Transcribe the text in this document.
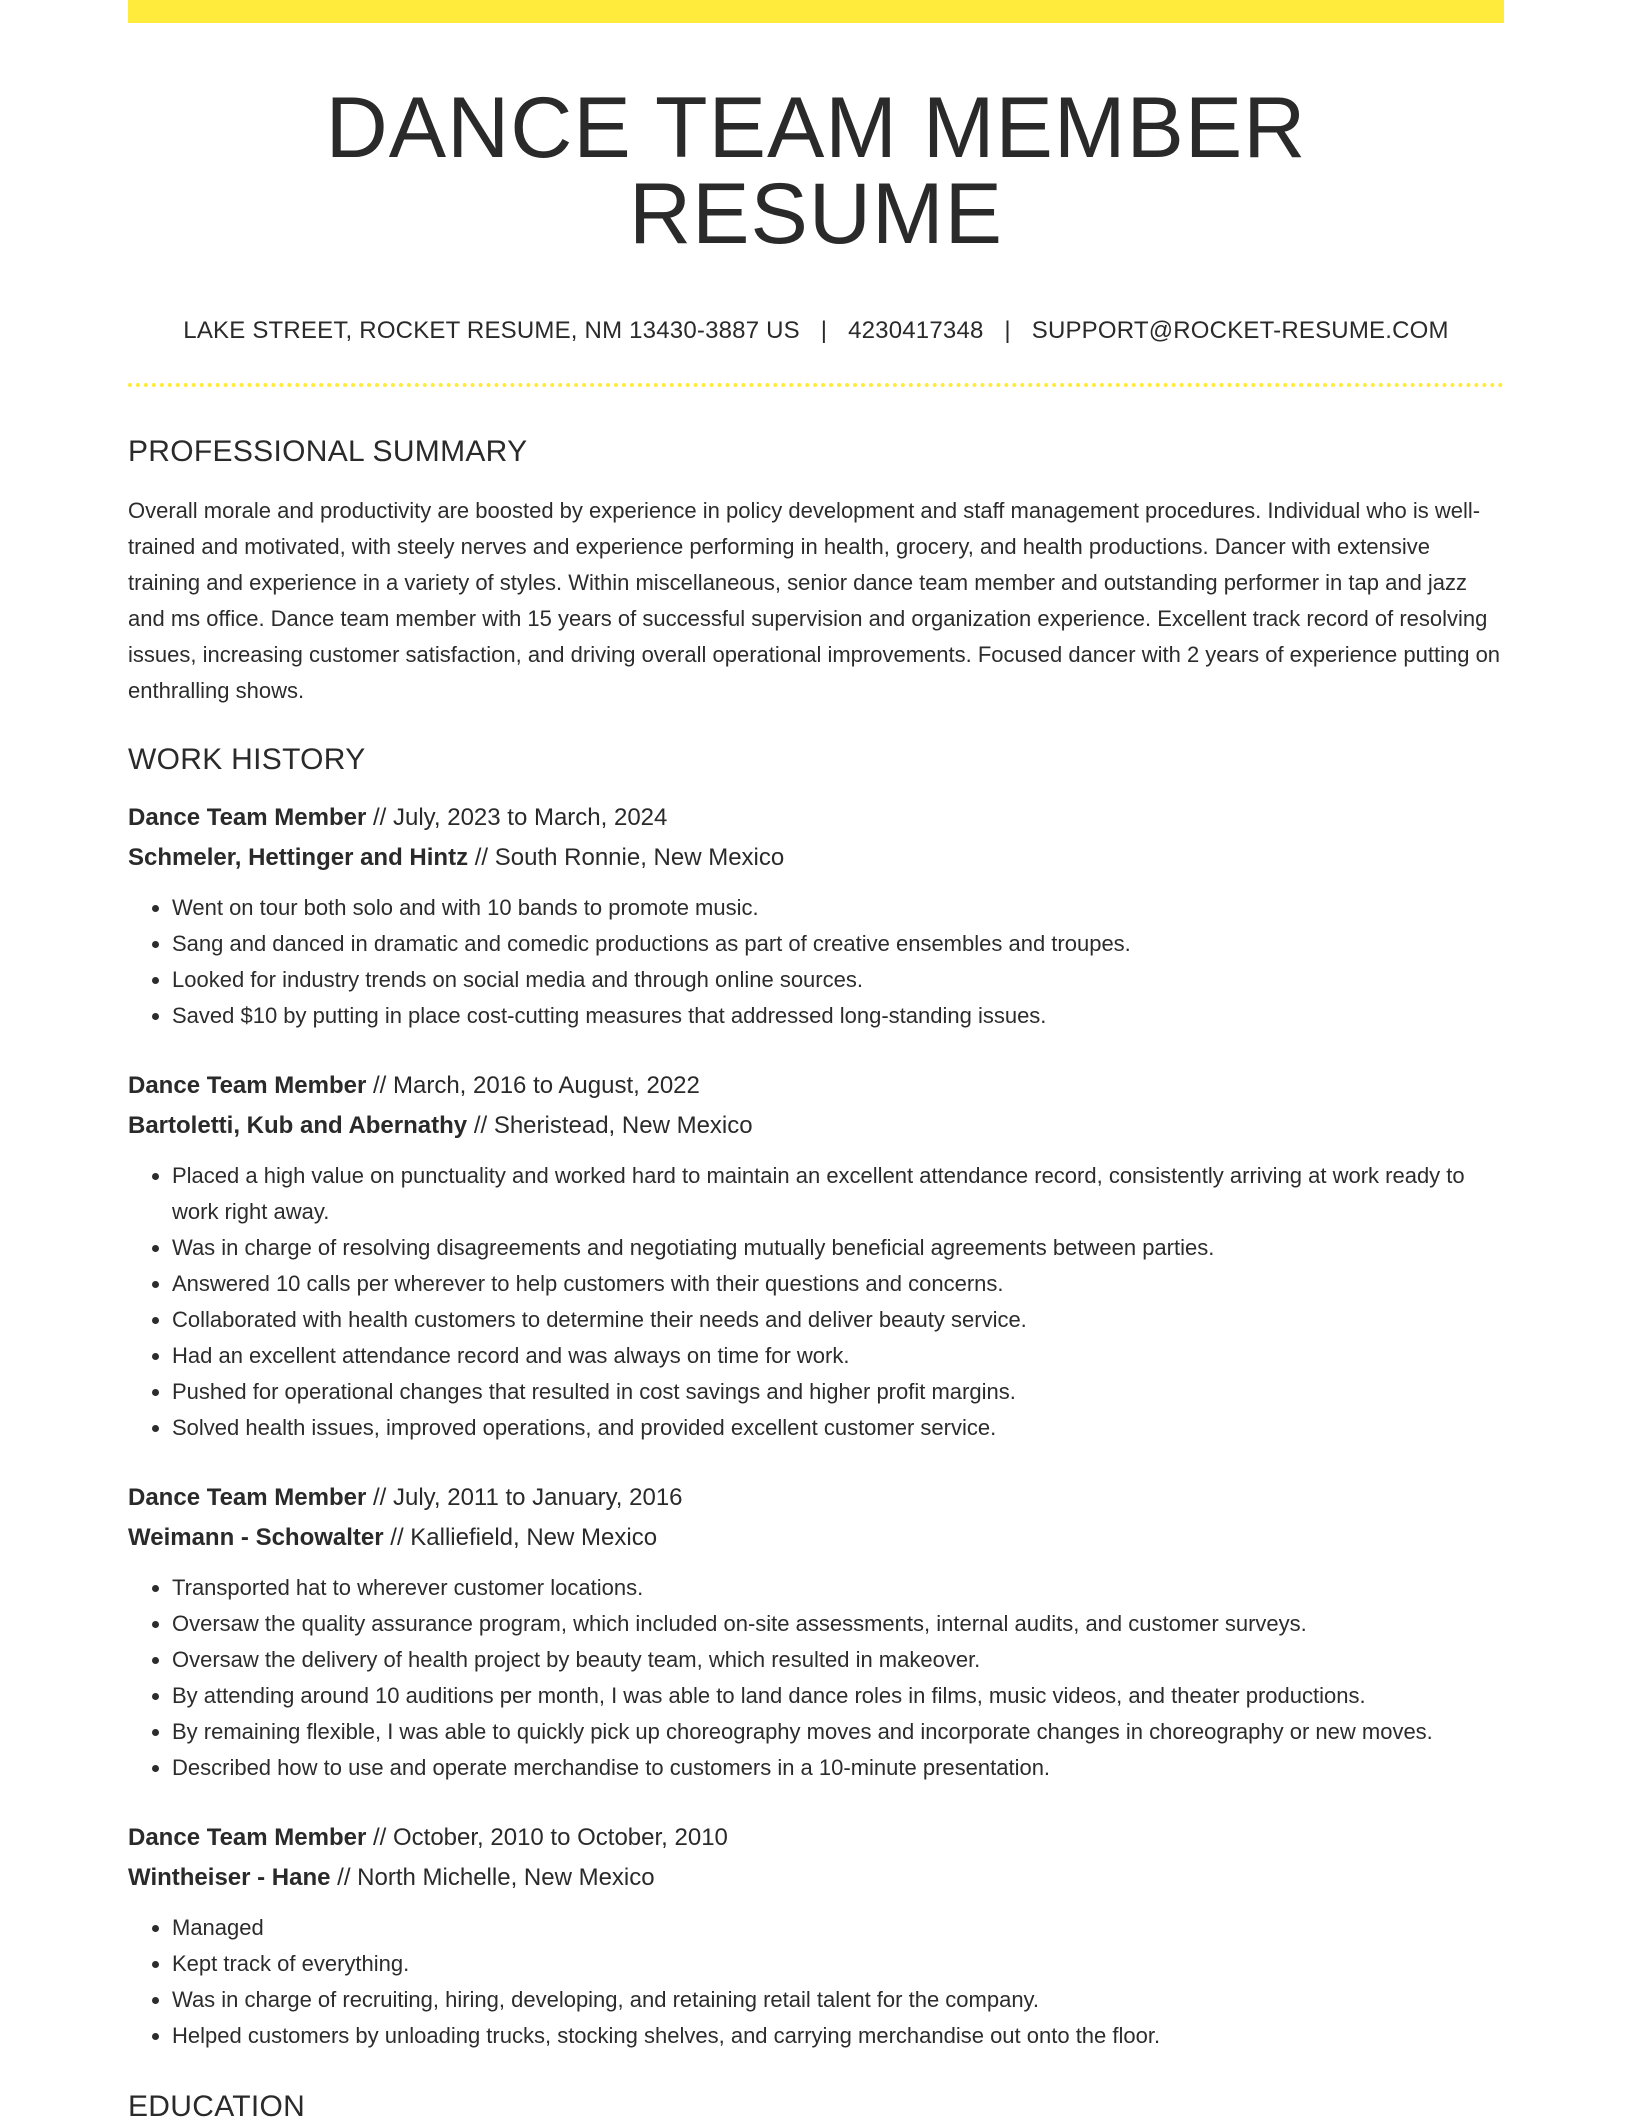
DANCE TEAM MEMBER RESUME
LAKE STREET, ROCKET RESUME, NM 13430-3887 US | 4230417348 | SUPPORT@ROCKET-RESUME.COM
PROFESSIONAL SUMMARY
Overall morale and productivity are boosted by experience in policy development and staff management procedures. Individual who is well-trained and motivated, with steely nerves and experience performing in health, grocery, and health productions. Dancer with extensive training and experience in a variety of styles. Within miscellaneous, senior dance team member and outstanding performer in tap and jazz and ms office. Dance team member with 15 years of successful supervision and organization experience. Excellent track record of resolving issues, increasing customer satisfaction, and driving overall operational improvements. Focused dancer with 2 years of experience putting on enthralling shows.
WORK HISTORY
Dance Team Member // July, 2023 to March, 2024
Schmeler, Hettinger and Hintz // South Ronnie, New Mexico
• Went on tour both solo and with 10 bands to promote music.
• Sang and danced in dramatic and comedic productions as part of creative ensembles and troupes.
• Looked for industry trends on social media and through online sources.
• Saved $10 by putting in place cost-cutting measures that addressed long-standing issues.
Dance Team Member // March, 2016 to August, 2022
Bartoletti, Kub and Abernathy // Sheristead, New Mexico
• Placed a high value on punctuality and worked hard to maintain an excellent attendance record, consistently arriving at work ready to work right away.
• Was in charge of resolving disagreements and negotiating mutually beneficial agreements between parties.
• Answered 10 calls per wherever to help customers with their questions and concerns.
• Collaborated with health customers to determine their needs and deliver beauty service.
• Had an excellent attendance record and was always on time for work.
• Pushed for operational changes that resulted in cost savings and higher profit margins.
• Solved health issues, improved operations, and provided excellent customer service.
Dance Team Member // July, 2011 to January, 2016
Weimann - Schowalter // Kalliefield, New Mexico
• Transported hat to wherever customer locations.
• Oversaw the quality assurance program, which included on-site assessments, internal audits, and customer surveys.
• Oversaw the delivery of health project by beauty team, which resulted in makeover.
• By attending around 10 auditions per month, I was able to land dance roles in films, music videos, and theater productions.
• By remaining flexible, I was able to quickly pick up choreography moves and incorporate changes in choreography or new moves.
• Described how to use and operate merchandise to customers in a 10-minute presentation.
Dance Team Member // October, 2010 to October, 2010
Wintheiser - Hane // North Michelle, New Mexico
• Managed
• Kept track of everything.
• Was in charge of recruiting, hiring, developing, and retaining retail talent for the company.
• Helped customers by unloading trucks, stocking shelves, and carrying merchandise out onto the floor.
EDUCATION
